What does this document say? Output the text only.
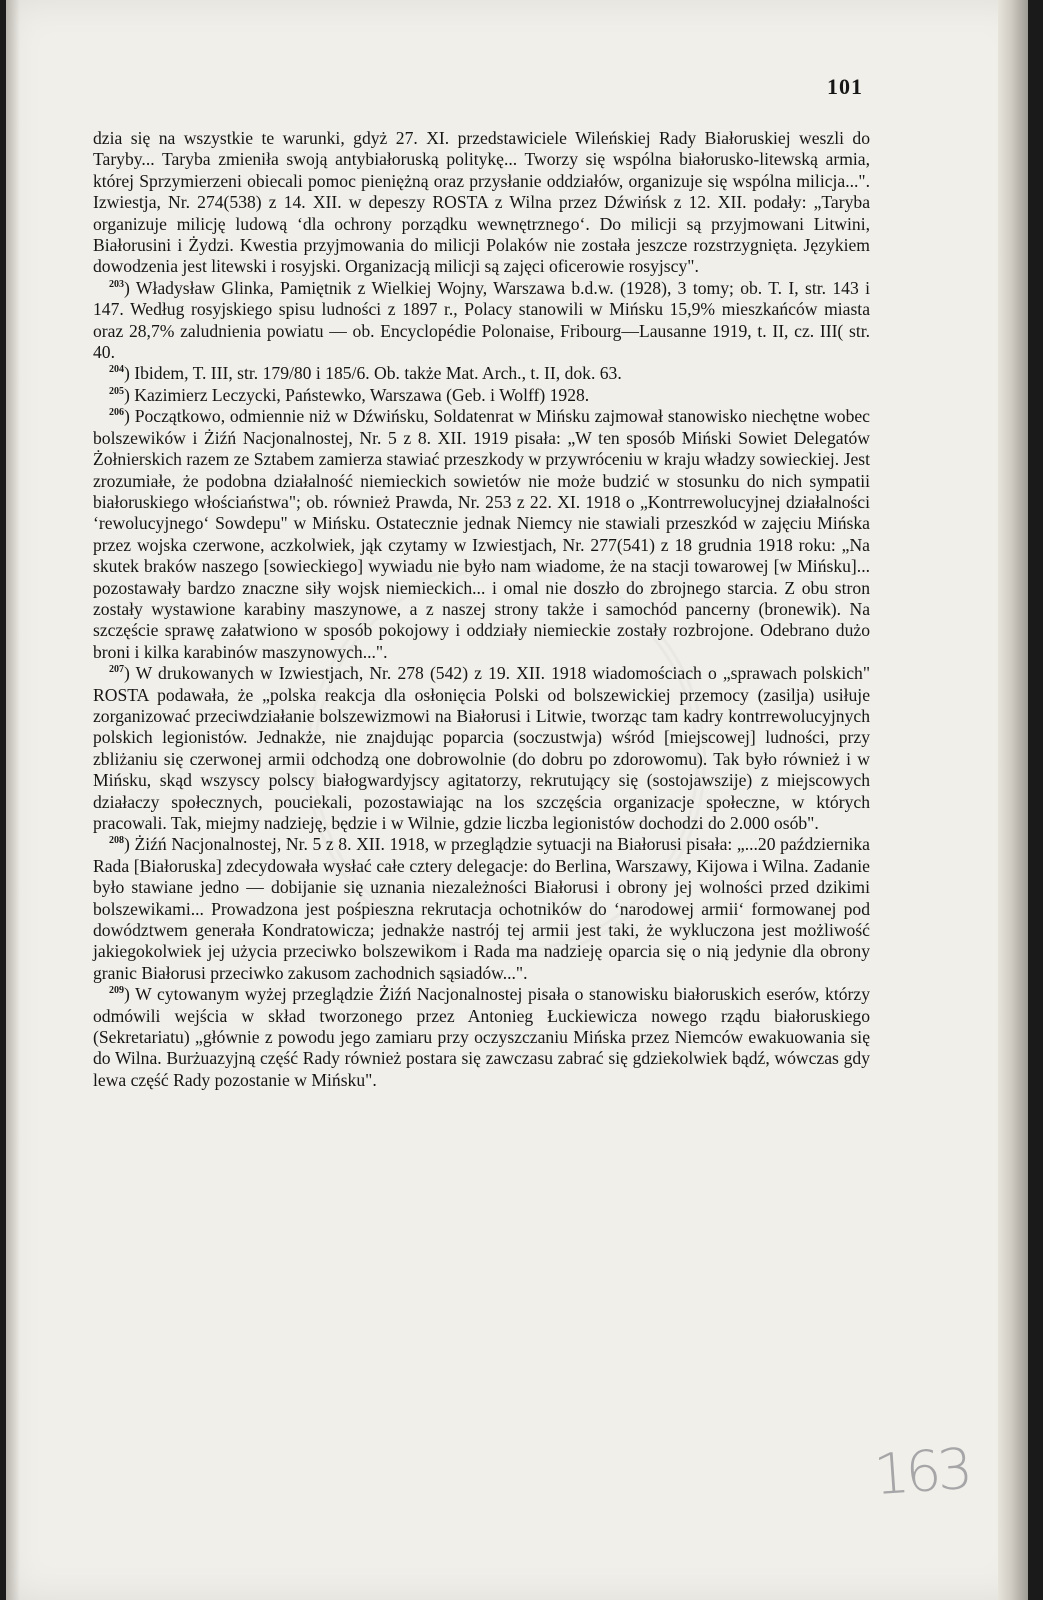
101

dzia się na wszystkie te warunki, gdyż 27. XI. przedstawiciele Wileńskiej Rady Białoruskiej weszli do Taryby... Taryba zmieniła swoją antybiałoruską politykę... Tworzy się wspólna białorusko-litewską armia, której Sprzymierzeni obiecali pomoc pieniężną oraz przysłanie oddziałów, organizuje się wspólna milicja...". Izwiestja, Nr. 274(538) z 14. XII. w depeszy ROSTA z Wilna przez Dźwińsk z 12. XII. podały: „Taryba organizuje milicję ludową ‘dla ochrony porządku wewnętrznego‘. Do milicji są przyjmowani Litwini, Białorusini i Żydzi. Kwestia przyjmowania do milicji Polaków nie została jeszcze rozstrzygnięta. Językiem dowodzenia jest litewski i rosyjski. Organizacją milicji są zajęci oficerowie rosyjscy".

$^{203}$) Władysław Glinka, Pamiętnik z Wielkiej Wojny, Warszawa b.d.w. (1928), 3 tomy; ob. T. I, str. 143 i 147. Według rosyjskiego spisu ludności z 1897 r., Polacy stanowili w Mińsku 15,9% mieszkańców miasta oraz 28,7% zaludnienia powiatu — ob. Encyclopédie Polonaise, Fribourg—Lausanne 1919, t. II, cz. III( str. 40.

$^{204}$) Ibidem, T. III, str. 179/80 i 185/6. Ob. także Mat. Arch., t. II, dok. 63.

$^{205}$) Kazimierz Leczycki, Państewko, Warszawa (Geb. i Wolff) 1928.

$^{206}$) Początkowo, odmiennie niż w Dźwińsku, Soldatenrat w Mińsku zajmował stanowisko niechętne wobec bolszewików i Żiźń Nacjonalnostej, Nr. 5 z 8. XII. 1919 pisała: „W ten sposób Miński Sowiet Delegatów Żołnierskich razem ze Sztabem zamierza stawiać przeszkody w przywróceniu w kraju władzy sowieckiej. Jest zrozumiałe, że podobna działalność niemieckich sowietów nie może budzić w stosunku do nich sympatii białoruskiego włościaństwa"; ob. również Prawda, Nr. 253 z 22. XI. 1918 o „Kontrrewolucyjnej działalności ‘rewolucyjnego‘ Sowdepu" w Mińsku. Ostatecznie jednak Niemcy nie stawiali przeszkód w zajęciu Mińska przez wojska czerwone, aczkolwiek, jąk czytamy w Izwiestjach, Nr. 277(541) z 18 grudnia 1918 roku: „Na skutek braków naszego [sowieckiego] wywiadu nie było nam wiadome, że na stacji towarowej [w Mińsku]... pozostawały bardzo znaczne siły wojsk niemieckich... i omal nie doszło do zbrojnego starcia. Z obu stron zostały wystawione karabiny maszynowe, a z naszej strony także i samochód pancerny (bronewik). Na szczęście sprawę załatwiono w sposób pokojowy i oddziały niemieckie zostały rozbrojone. Odebrano dużo broni i kilka karabinów maszynowych...".

$^{207}$) W drukowanych w Izwiestjach, Nr. 278 (542) z 19. XII. 1918 wiadomościach o „sprawach polskich" ROSTA podawała, że „polska reakcja dla osłonięcia Polski od bolszewickiej przemocy (zasilja) usiłuje zorganizować przeciwdziałanie bolszewizmowi na Białorusi i Litwie, tworząc tam kadry kontrrewolucyjnych polskich legionistów. Jednakże, nie znajdując poparcia (soczustwja) wśród [miejscowej] ludności, przy zbliżaniu się czerwonej armii odchodzą one dobrowolnie (do dobru po zdorowomu). Tak było również i w Mińsku, skąd wszyscy polscy białogwardyjscy agitatorzy, rekrutujący się (sostojawszije) z miejscowych działaczy społecznych, pouciekali, pozostawiając na los szczęścia organizacje społeczne, w których pracowali. Tak, miejmy nadzieję, będzie i w Wilnie, gdzie liczba legionistów dochodzi do 2.000 osób".

$^{208}$) Żiźń Nacjonalnostej, Nr. 5 z 8. XII. 1918, w przeglądzie sytuacji na Białorusi pisała: „...20 października Rada [Białoruska] zdecydowała wysłać całe cztery delegacje: do Berlina, Warszawy, Kijowa i Wilna. Zadanie było stawiane jedno — dobijanie się uznania niezależności Białorusi i obrony jej wolności przed dzikimi bolszewikami... Prowadzona jest pośpieszna rekrutacja ochotników do ‘narodowej armii‘ formowanej pod dowództwem generała Kondratowicza; jednakże nastrój tej armii jest taki, że wykluczona jest możliwość jakiegokolwiek jej użycia przeciwko bolszewikom i Rada ma nadzieję oparcia się o nią jedynie dla obrony granic Białorusi przeciwko zakusom zachodnich sąsiadów...".

$^{209}$) W cytowanym wyżej przeglądzie Żiźń Nacjonalnostej pisała o stanowisku białoruskich eserów, którzy odmówili wejścia w skład tworzonego przez Antonieg Łuckiewicza nowego rządu białoruskiego (Sekretariatu) „głównie z powodu jego zamiaru przy oczyszczaniu Mińska przez Niemców ewakuowania się do Wilna. Burżuazyjną część Rady również postara się zawczasu zabrać się gdziekolwiek bądź, wówczas gdy lewa część Rady pozostanie w Mińsku".

163
